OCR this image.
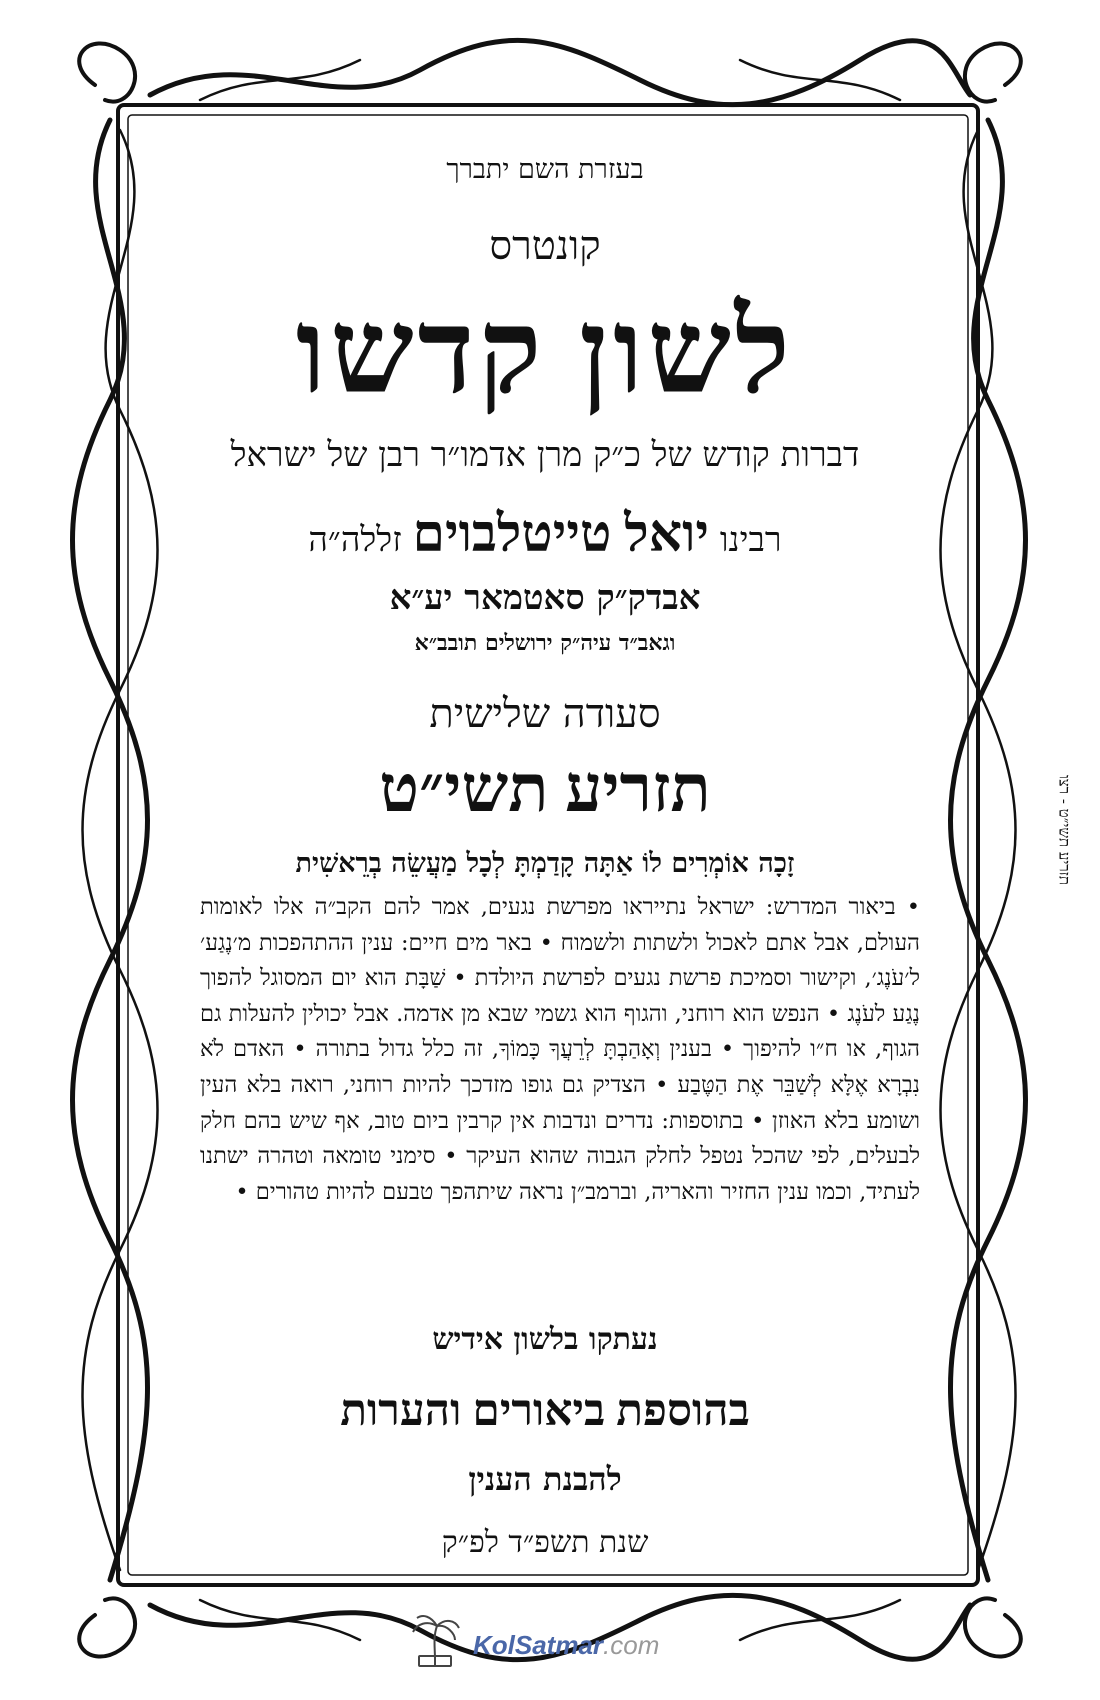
בעזרת השם יתברך
קונטרס
לשון קדשו
דברות קודש של כ״ק מרן אדמו״ר רבן של ישראל
רבינו יואל טייטלבוים זללה״ה
אבדק״ק סאטמאר יע״א
וגאב״ד עיה״ק ירושלים תובב״א
סעודה שלישית
תזריע תשי״ט
זָכָה אוֹמְרִים לוֹ אַתָּה קָדַמְתָּ לְכָל מַעֲשֵׂה בְרֵאשִׁית

• ביאור המדרש: ישראל נתייראו מפרשת נגעים, אמר להם הקב״ה אלו לאומות העולם, אבל אתם לאכול ולשתות ולשמוח • באר מים חיים: ענין ההתהפכות מ׳נֶגַע׳ ל׳עֹנֶג׳, וקישור וסמיכת פרשת נגעים לפרשת היולדת • שַׁבָּת הוא יום המסוגל להפוך נֶגַע לעֹנֶג • הנפש הוא רוחני, והגוף הוא גשמי שבא מן אדמה. אבל יכולין להעלות גם הגוף, או ח״ו להיפוך • בענין וְאָהַבְתָּ לְרֵעֲךָ כָּמוֹךָ, זה כלל גדול בתורה • האדם לֹא נִבְרָא אֶלָּא לְשַׁבֵּר אֶת הַטֶּבַע • הצדיק גם גופו מזדכך להיות רוחני, רואה בלא העין ושומע בלא האוזן • בתוספות: נדרים ונדבות אין קרבין ביום טוב, אף שיש בהם חלק לבעלים, לפי שהכל נטפל לחלק הגבוה שהוא העיקר • סימני טומאה וטהרה ישתנו לעתיד, וכמו ענין החזיר והאריה, וברמב״ן נראה שיתהפך טבעם להיות טהורים •

נעתקו בלשון אידיש
בהוספת ביאורים והערות
להבנת הענין
שנת תשפ״ד לפ״ק
תזריע תשי״ט - רצו
KolSatmar.com
